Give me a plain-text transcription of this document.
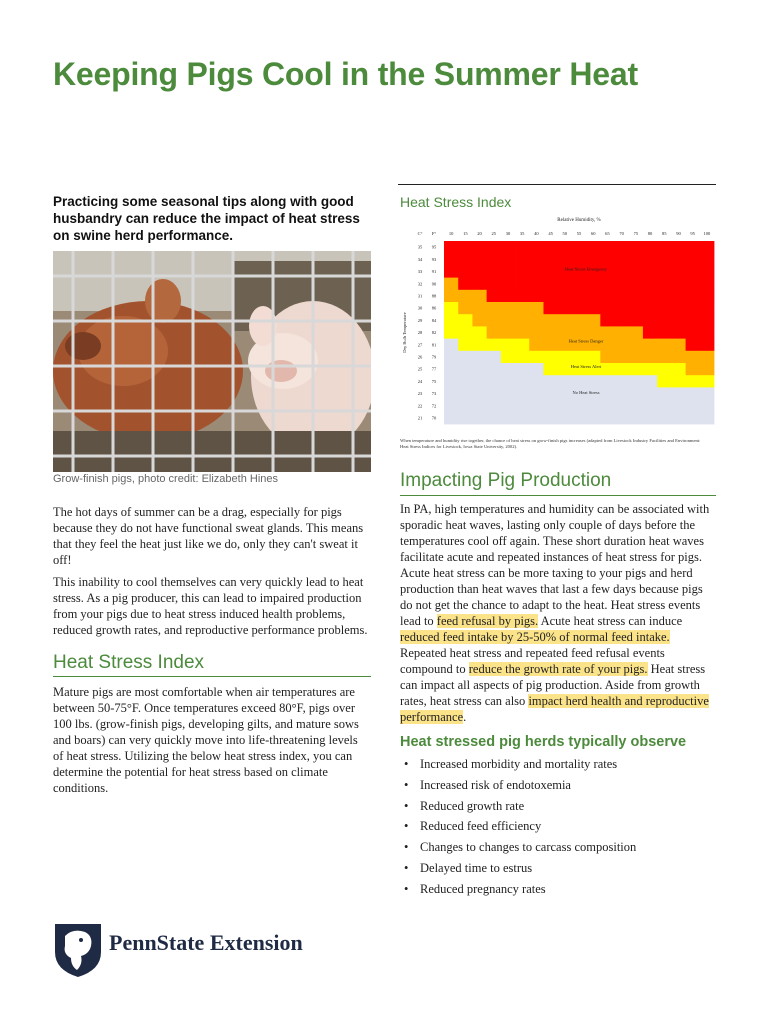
Keeping Pigs Cool in the Summer Heat
Practicing some seasonal tips along with good husbandry can reduce the impact of heat stress on swine herd performance.
Grow-finish pigs, photo credit: Elizabeth Hines
The hot days of summer can be a drag, especially for pigs because they do not have functional sweat glands. This means that they feel the heat just like we do, only they can't sweat it off!
This inability to cool themselves can very quickly lead to heat stress. As a pig producer, this can lead to impaired production from your pigs due to heat stress induced health problems, reduced growth rates, and reproductive performance problems.
Heat Stress Index
Mature pigs are most comfortable when air temperatures are between 50-75°F. Once temperatures exceed 80°F, pigs over 100 lbs. (grow-finish pigs, developing gilts, and mature sows and boars) can very quickly move into life-threatening levels of heat stress. Utilizing the below heat stress index, you can determine the potential for heat stress based on climate conditions.
Heat Stress Index
Relative Humidity, %
C° F°	10 15 20 25 30 35 40 45 50 55 60 65 70 75 80 85 90 95 100
35 95
34 93
33 91
32 90
31 88
30 86
29 84
28 82
27 81
26 79
25 77
24 75
23 73
22 72
21 70
Dry Bulb Temperature
Heat Stress Emergency
Heat Stress Danger
Heat Stress Alert
No Heat Stress
When temperature and humidity rise together, the chance of heat stress on grow-finish pigs increases (adapted from Livestock Industry Facilities and Environment: Heat Stress Indices for Livestock, Iowa State University, 2002).
Impacting Pig Production
In PA, high temperatures and humidity can be associated with sporadic heat waves, lasting only couple of days before the temperatures cool off again. These short duration heat waves facilitate acute and repeated instances of heat stress for pigs. Acute heat stress can be more taxing to your pigs and herd production than heat waves that last a few days because pigs do not get the chance to adapt to the heat. Heat stress events lead to feed refusal by pigs. Acute heat stress can induce reduced feed intake by 25-50% of normal feed intake. Repeated heat stress and repeated feed refusal events compound to reduce the growth rate of your pigs. Heat stress can impact all aspects of pig production. Aside from growth rates, heat stress can also impact herd health and reproductive performance.
Heat stressed pig herds typically observe
• Increased morbidity and mortality rates
• Increased risk of endotoxemia
• Reduced growth rate
• Reduced feed efficiency
• Changes to changes to carcass composition
• Delayed time to estrus
• Reduced pregnancy rates
PennState Extension
